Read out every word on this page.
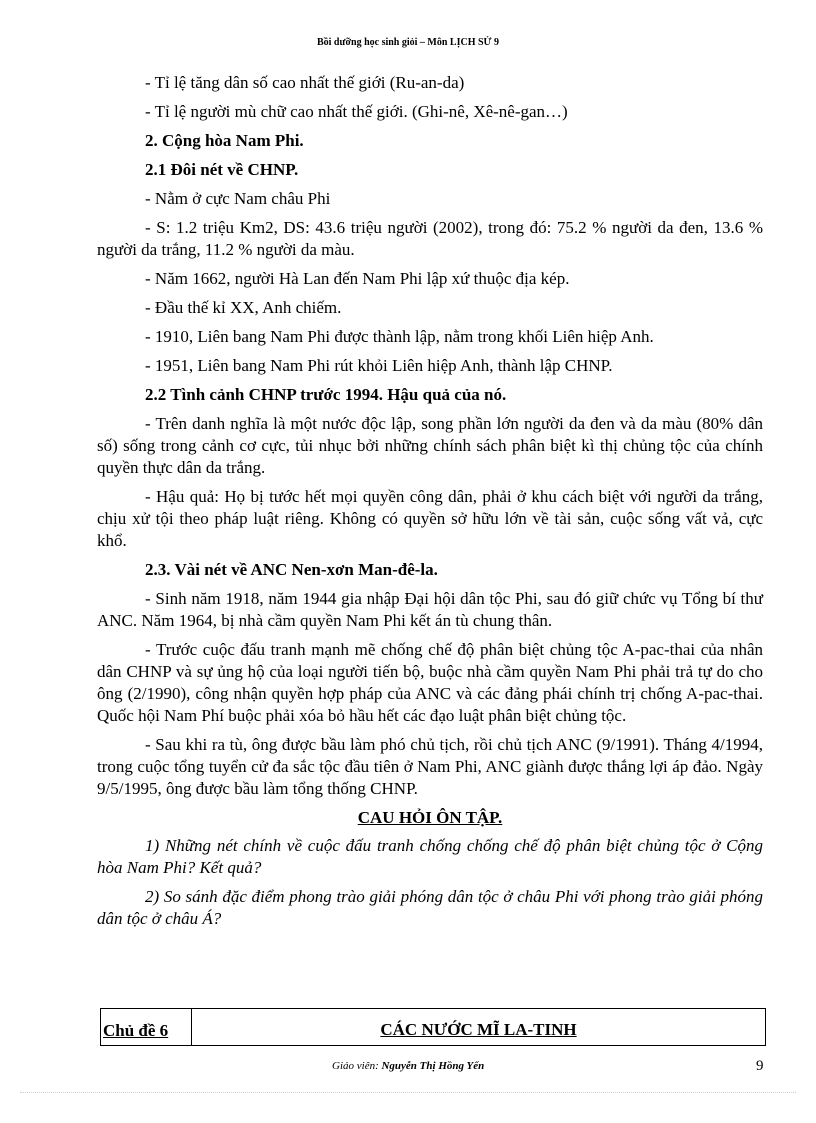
Bồi dưỡng học sinh giỏi – Môn LỊCH SỬ 9

- Tỉ lệ tăng dân số cao nhất thế giới (Ru-an-da)

- Tỉ lệ người mù chữ cao nhất thế giới. (Ghi-nê, Xê-nê-gan…)

2. Cộng hòa Nam Phi.

2.1 Đôi nét về CHNP.

- Nằm ở cực Nam châu Phi

- S: 1.2 triệu Km2, DS: 43.6 triệu người (2002), trong đó: 75.2 % người da đen, 13.6 % người da trắng, 11.2 % người da màu.

- Năm 1662, người Hà Lan đến Nam Phi lập xứ thuộc địa kép.

- Đầu thế kỉ XX, Anh chiếm.

- 1910, Liên bang Nam Phi được thành lập, nằm trong khối Liên hiệp Anh.

- 1951, Liên bang Nam Phi rút khỏi Liên hiệp Anh, thành lập CHNP.

2.2 Tình cảnh CHNP trước 1994. Hậu quả của nó.

- Trên danh nghĩa là một nước độc lập, song phần lớn người da đen và da màu (80% dân số) sống trong cảnh cơ cực, tủi nhục bởi những chính sách phân biệt kì thị chủng tộc của chính quyền thực dân da trắng.

- Hậu quả: Họ bị tước hết mọi quyền công dân, phải ở khu cách biệt với người da trắng, chịu xử tội theo pháp luật riêng. Không có quyền sở hữu lớn về tài sản, cuộc sống vất vả, cực khổ.

2.3. Vài nét về ANC Nen-xơn Man-đê-la.

- Sinh năm 1918, năm 1944 gia nhập Đại hội dân tộc Phi, sau đó giữ chức vụ Tổng bí thư ANC. Năm 1964, bị nhà cầm quyền Nam Phi kết án tù chung thân.

- Trước cuộc đấu tranh mạnh mẽ chống chế độ phân biệt chủng tộc A-pac-thai của nhân dân CHNP và sự ủng hộ của loại người tiến bộ, buộc nhà cầm quyền Nam Phi phải trả tự do cho ông (2/1990), công nhận quyền hợp pháp của ANC và các đảng phái chính trị chống A-pac-thai. Quốc hội Nam Phí buộc phải xóa bỏ hầu hết các đạo luật phân biệt chủng tộc.

- Sau khi ra tù, ông được bầu làm phó chủ tịch, rồi chủ tịch ANC (9/1991). Tháng 4/1994, trong cuộc tổng tuyển cử đa sắc tộc đầu tiên ở Nam Phi, ANC giành được thắng lợi áp đảo. Ngày 9/5/1995, ông được bầu làm tổng thống CHNP.

CAU HỎI ÔN TẬP.

1) Những nét chính về cuộc đấu tranh chống chống chế độ phân biệt chủng tộc ở Cộng hòa Nam Phi? Kết quả?

2) So sánh đặc điểm phong trào giải phóng dân tộc ở châu Phi với phong trào giải phóng dân tộc ở châu Á?

Chủ đề 6	CÁC NƯỚC MĨ LA-TINH
Giáo viên: Nguyễn Thị Hồng Yến	9
